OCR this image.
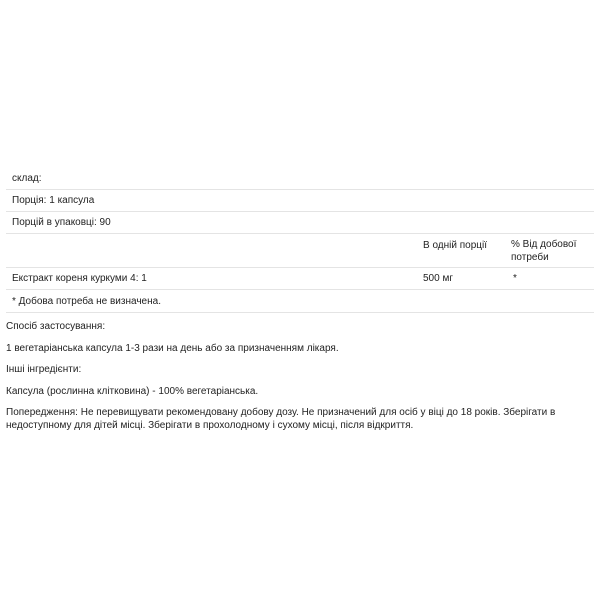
склад:
Порція: 1 капсула
Порцій в упаковці: 90
В одній порції % Від добової потреби
Екстракт кореня куркуми 4: 1	500 мг	*
* Добова потреба не визначена.
Спосіб застосування:
1 вегетаріанська капсула 1-3 рази на день або за призначенням лікаря.
Інші інгредієнти:
Капсула (рослинна клітковина) - 100% вегетаріанська.
Попередження: Не перевищувати рекомендовану добову дозу. Не призначений для осіб у віці до 18 років. Зберігати в недоступному для дітей місці. Зберігати в прохолодному і сухому місці, після відкриття.
